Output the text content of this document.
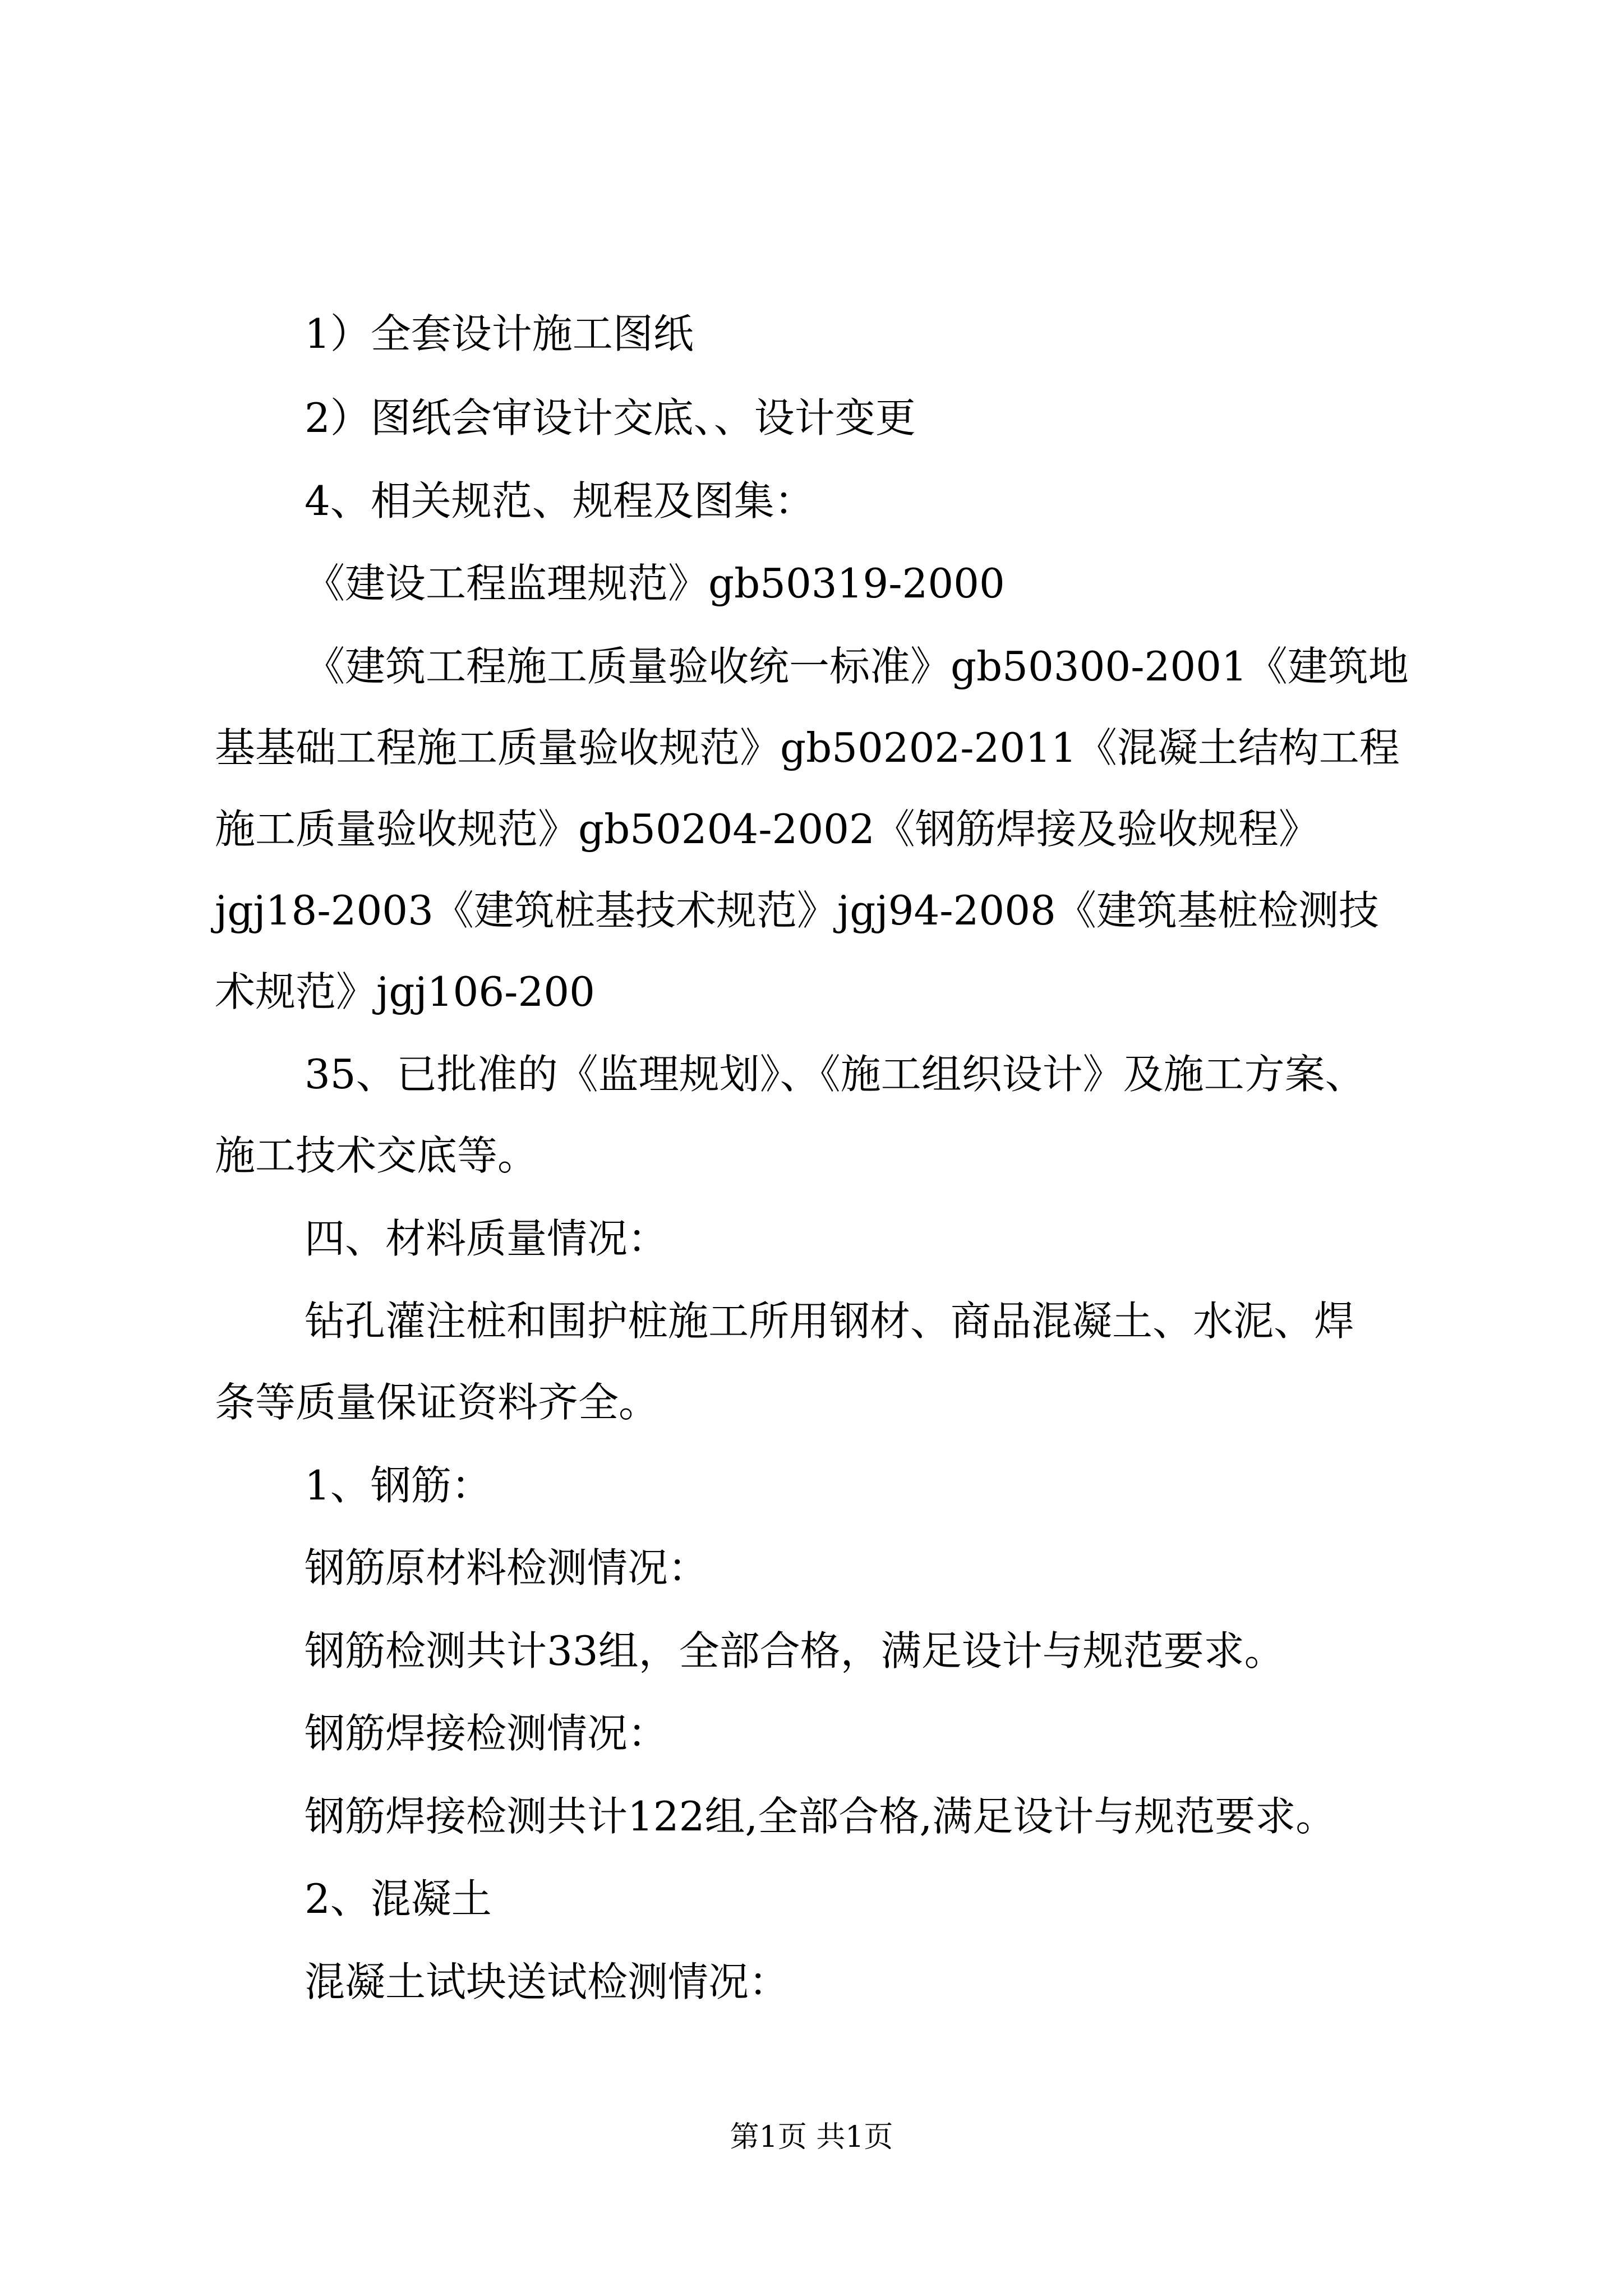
1）全套设计施工图纸
2）图纸会审设计交底、、设计变更
4、相关规范、规程及图集：
《建设工程监理规范》gb50319-2000
《建筑工程施工质量验收统一标准》gb50300-2001《建筑地
基基础工程施工质量验收规范》gb50202-2011《混凝土结构工程
施工质量验收规范》gb50204-2002《钢筋焊接及验收规程》
jgj18-2003《建筑桩基技术规范》jgj94-2008《建筑基桩检测技
术规范》jgj106-200
35、已批准的《监理规划》、《施工组织设计》及施工方案、
施工技术交底等。
四、材料质量情况：
钻孔灌注桩和围护桩施工所用钢材、商品混凝土、水泥、焊
条等质量保证资料齐全。
1、钢筋：
钢筋原材料检测情况：
钢筋检测共计33组，全部合格，满足设计与规范要求。
钢筋焊接检测情况：
钢筋焊接检测共计122组,全部合格,满足设计与规范要求。
2、混凝土
混凝土试块送试检测情况：
第1页 共1页
